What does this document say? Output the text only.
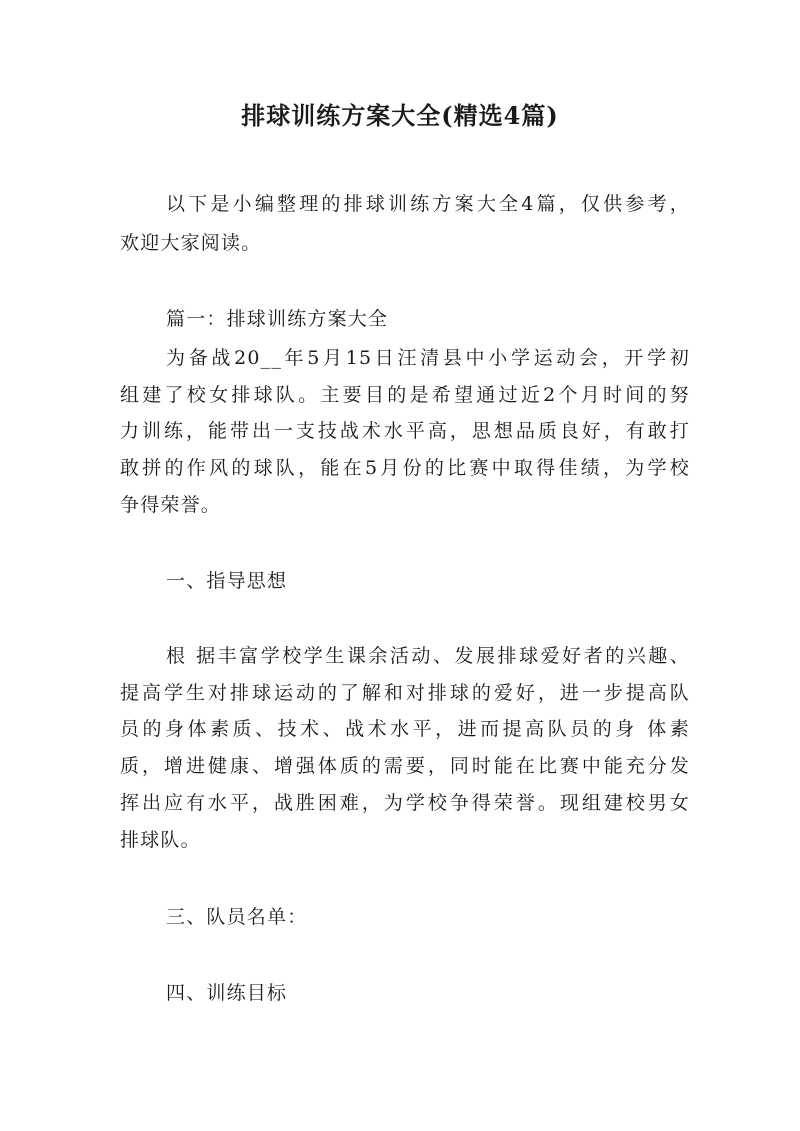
排球训练方案大全(精选4篇)
以下是小编整理的排球训练方案大全4篇，仅供参考，
欢迎大家阅读。
篇一：排球训练方案大全
为备战20__年5月15日汪清县中小学运动会，开学初
组建了校女排球队。主要目的是希望通过近2个月时间的努
力训练，能带出一支技战术水平高，思想品质良好，有敢打
敢拼的作风的球队，能在5月份的比赛中取得佳绩，为学校
争得荣誉。
一、指导思想
根 据丰富学校学生课余活动、发展排球爱好者的兴趣、
提高学生对排球运动的了解和对排球的爱好，进一步提高队
员的身体素质、技术、战术水平，进而提高队员的身 体素
质，增进健康、增强体质的需要，同时能在比赛中能充分发
挥出应有水平，战胜困难，为学校争得荣誉。现组建校男女
排球队。
三、队员名单：
四、训练目标
